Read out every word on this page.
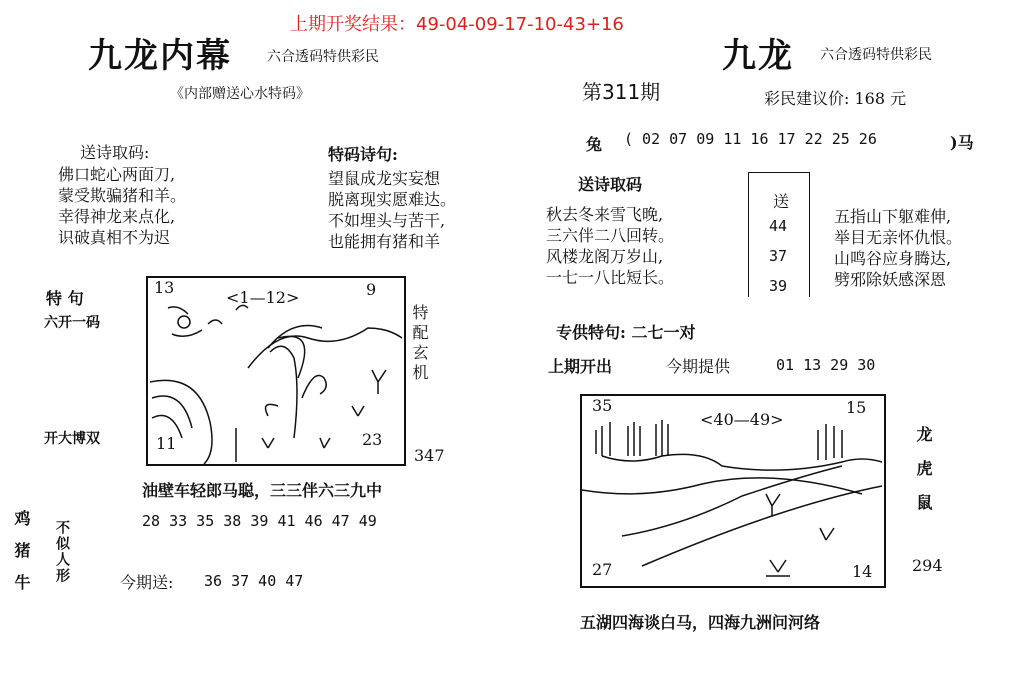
上期开奖结果：49-04-09-17-10-43+16
九龙内幕	六合透码特供彩民
《内部赠送心水特码》
送诗取码:
佛口蛇心两面刀,
蒙受欺骗猪和羊。
幸得神龙来点化,
识破真相不为迟
特码诗句:
望鼠成龙实妄想
脱离现实愿难达。
不如埋头与苦干,
也能拥有猪和羊
特 句
六开一码
开大博双
特配玄机
13
<1—12>	9
11	23
347
油壁车轻郎马聪，三三伴六三九中
28 33 35 38 39 41 46 47 49
鸡猪牛 不似人形	今期送: 36 37 40 47
九龙 六合透码特供彩民
第311期	彩民建议价: 168 元
兔 ( 02 07 09 11 16 17 22 25 26	)马
送诗取码
秋去冬来雪飞晚,
三六伴二八回转。
风楼龙阁万岁山,
一七一八比短长。
送
44
37
39
五指山下躯难伸,
举目无亲怀仇恨。
山鸣谷应身腾达,
劈邪除妖感深恩
专供特句: 二七一对
上期开出	今期提供	01 13 29 30
35
<40—49>
15
27	14
龙虎鼠
294
五湖四海谈白马，四海九洲问河络
